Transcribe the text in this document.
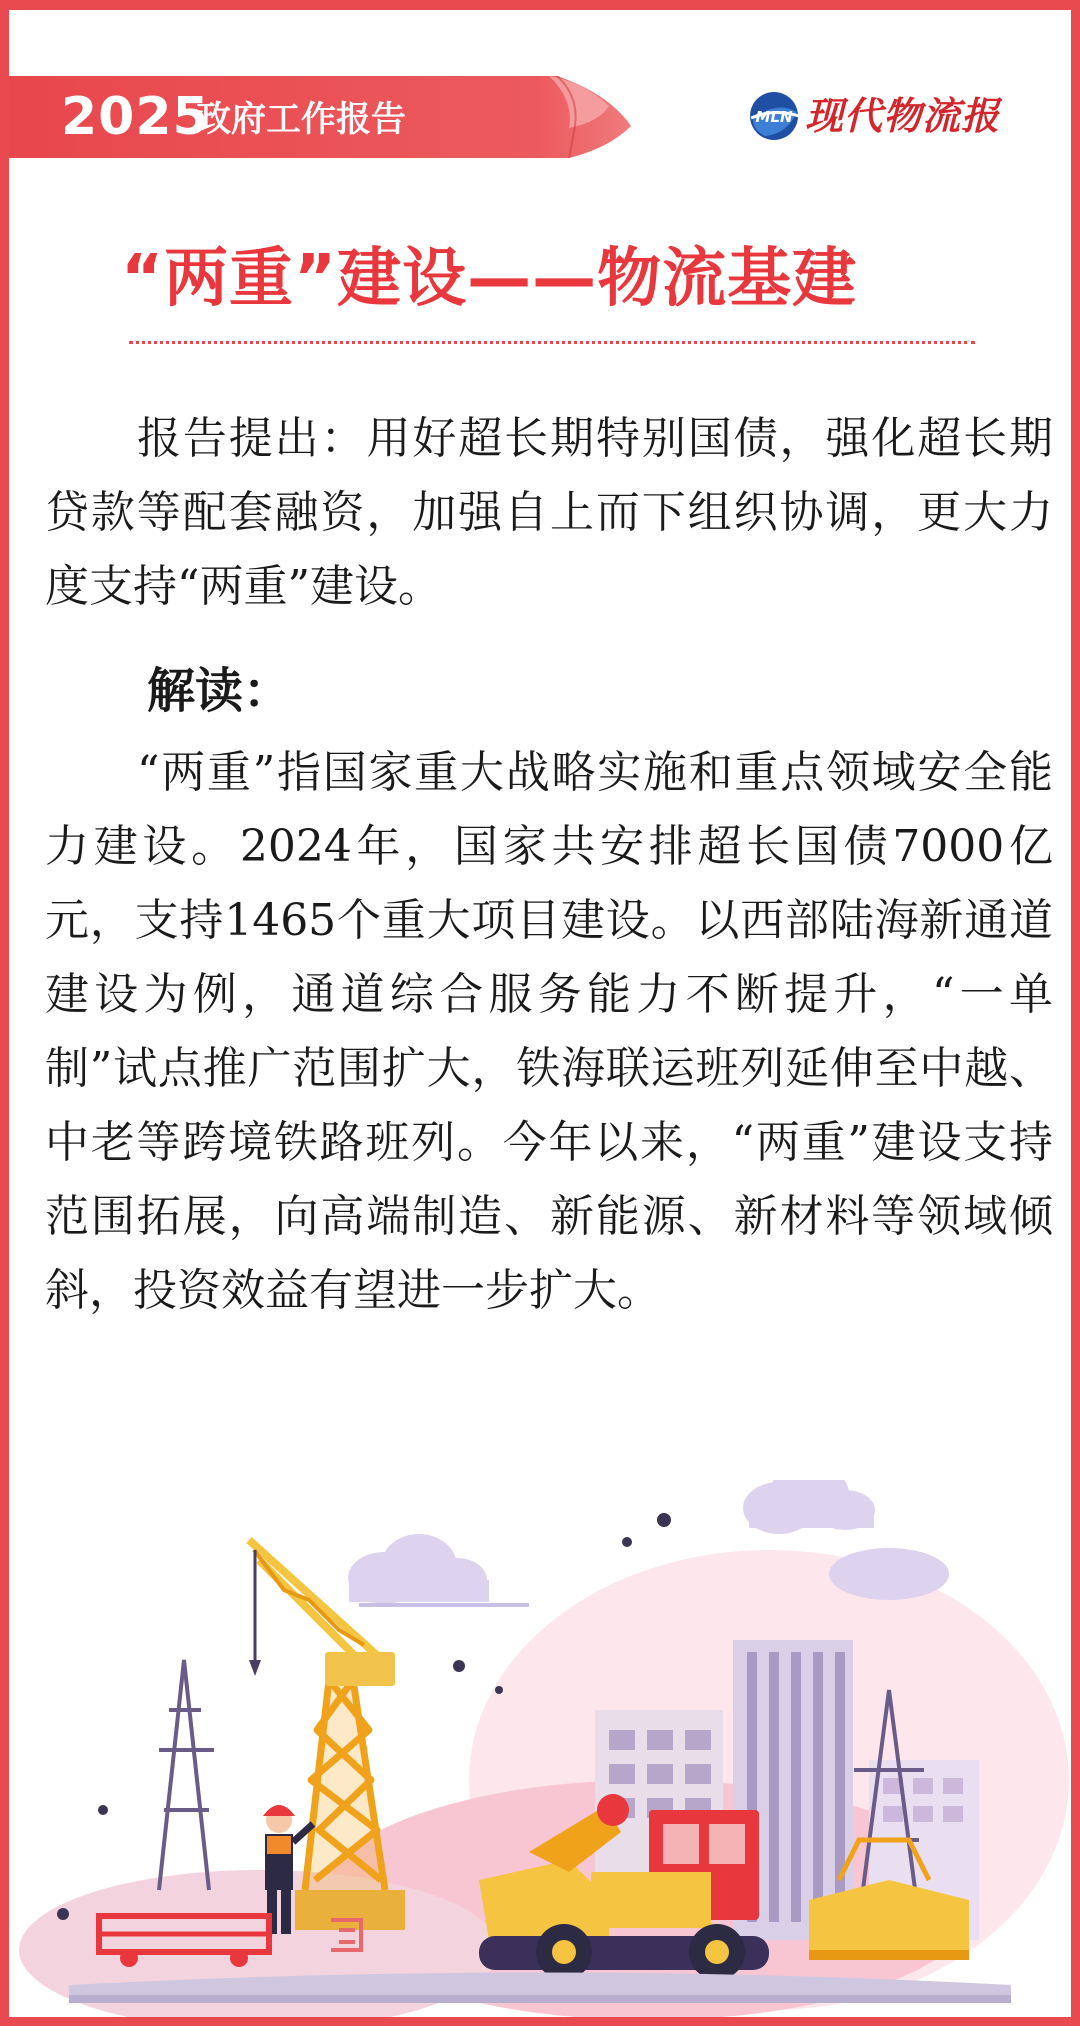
2025
政府工作报告	MLN 现代物流报
“两重”建设——物流基建

报告提出：用好超长期特别国债，强化超长期贷款等配套融资，加强自上而下组织协调，更大力度支持“两重”建设。

解读：

“两重”指国家重大战略实施和重点领域安全能力建设。2024年，国家共安排超长国债7000亿元，支持1465个重大项目建设。以西部陆海新通道建设为例，通道综合服务能力不断提升，“一单制”试点推广范围扩大，铁海联运班列延伸至中越、中老等跨境铁路班列。今年以来，“两重”建设支持范围拓展，向高端制造、新能源、新材料等领域倾斜，投资效益有望进一步扩大。
